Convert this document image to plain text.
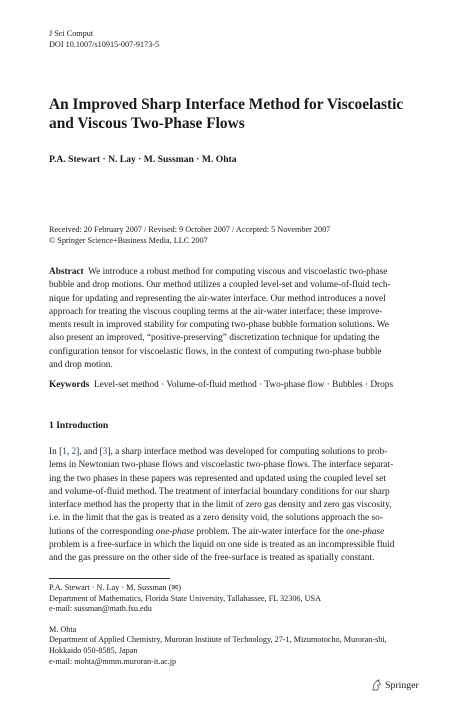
J Sci Comput
DOI 10.1007/s10915-007-9173-5
An Improved Sharp Interface Method for Viscoelastic
and Viscous Two-Phase Flows
P.A. Stewart · N. Lay · M. Sussman · M. Ohta
Received: 20 February 2007 / Revised: 9 October 2007 / Accepted: 5 November 2007
© Springer Science+Business Media, LLC 2007
Abstract We introduce a robust method for computing viscous and viscoelastic two-phase
bubble and drop motions. Our method utilizes a coupled level-set and volume-of-fluid tech-
nique for updating and representing the air-water interface. Our method introduces a novel
approach for treating the viscous coupling terms at the air-water interface; these improve-
ments result in improved stability for computing two-phase bubble formation solutions. We
also present an improved, “positive-preserving” discretization technique for updating the
configuration tensor for viscoelastic flows, in the context of computing two-phase bubble
and drop motion.
Keywords Level-set method · Volume-of-fluid method · Two-phase flow · Bubbles · Drops
1 Introduction
In [1, 2], and [3], a sharp interface method was developed for computing solutions to prob-
lems in Newtonian two-phase flows and viscoelastic two-phase flows. The interface separat-
ing the two phases in these papers was represented and updated using the coupled level set
and volume-of-fluid method. The treatment of interfacial boundary conditions for our sharp
interface method has the property that in the limit of zero gas density and zero gas viscosity,
i.e. in the limit that the gas is treated as a zero density void, the solutions approach the so-
lutions of the corresponding one-phase problem. The air-water interface for the one-phase
problem is a free-surface in which the liquid on one side is treated as an incompressible fluid
and the gas pressure on the other side of the free-surface is treated as spatially constant.
P.A. Stewart · N. Lay · M. Sussman (✉)
Department of Mathematics, Florida State University, Tallahassee, FL 32306, USA
e-mail: sussman@math.fsu.edu
M. Ohta
Department of Applied Chemistry, Muroran Institute of Technology, 27-1, Mizumotocho, Muroran-shi,
Hokkaido 050-8585, Japan
e-mail: mohta@mmm.muroran-it.ac.jp
Springer
